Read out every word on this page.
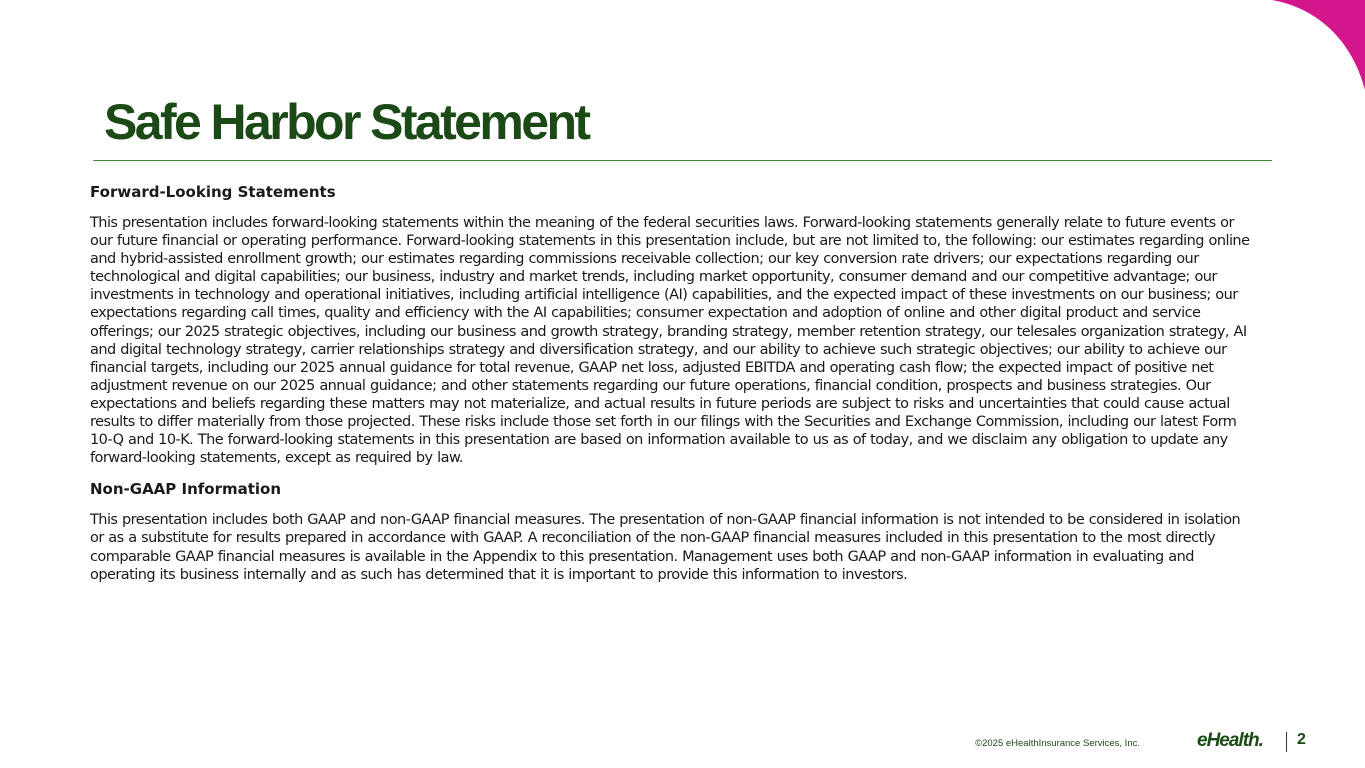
Safe Harbor Statement

Forward-Looking Statements

This presentation includes forward-looking statements within the meaning of the federal securities laws. Forward-looking statements generally relate to future events or our future financial or operating performance. Forward-looking statements in this presentation include, but are not limited to, the following: our estimates regarding online and hybrid-assisted enrollment growth; our estimates regarding commissions receivable collection; our key conversion rate drivers; our expectations regarding our technological and digital capabilities; our business, industry and market trends, including market opportunity, consumer demand and our competitive advantage; our investments in technology and operational initiatives, including artificial intelligence (AI) capabilities, and the expected impact of these investments on our business; our expectations regarding call times, quality and efficiency with the AI capabilities; consumer expectation and adoption of online and other digital product and service offerings; our 2025 strategic objectives, including our business and growth strategy, branding strategy, member retention strategy, our telesales organization strategy, AI and digital technology strategy, carrier relationships strategy and diversification strategy, and our ability to achieve such strategic objectives; our ability to achieve our financial targets, including our 2025 annual guidance for total revenue, GAAP net loss, adjusted EBITDA and operating cash flow; the expected impact of positive net adjustment revenue on our 2025 annual guidance; and other statements regarding our future operations, financial condition, prospects and business strategies. Our expectations and beliefs regarding these matters may not materialize, and actual results in future periods are subject to risks and uncertainties that could cause actual results to differ materially from those projected. These risks include those set forth in our filings with the Securities and Exchange Commission, including our latest Form 10-Q and 10-K. The forward-looking statements in this presentation are based on information available to us as of today, and we disclaim any obligation to update any forward-looking statements, except as required by law.

Non-GAAP Information

This presentation includes both GAAP and non-GAAP financial measures. The presentation of non-GAAP financial information is not intended to be considered in isolation or as a substitute for results prepared in accordance with GAAP. A reconciliation of the non-GAAP financial measures included in this presentation to the most directly comparable GAAP financial measures is available in the Appendix to this presentation. Management uses both GAAP and non-GAAP information in evaluating and operating its business internally and as such has determined that it is important to provide this information to investors.

©2025 eHealthInsurance Services, Inc.	eHealth. 2
